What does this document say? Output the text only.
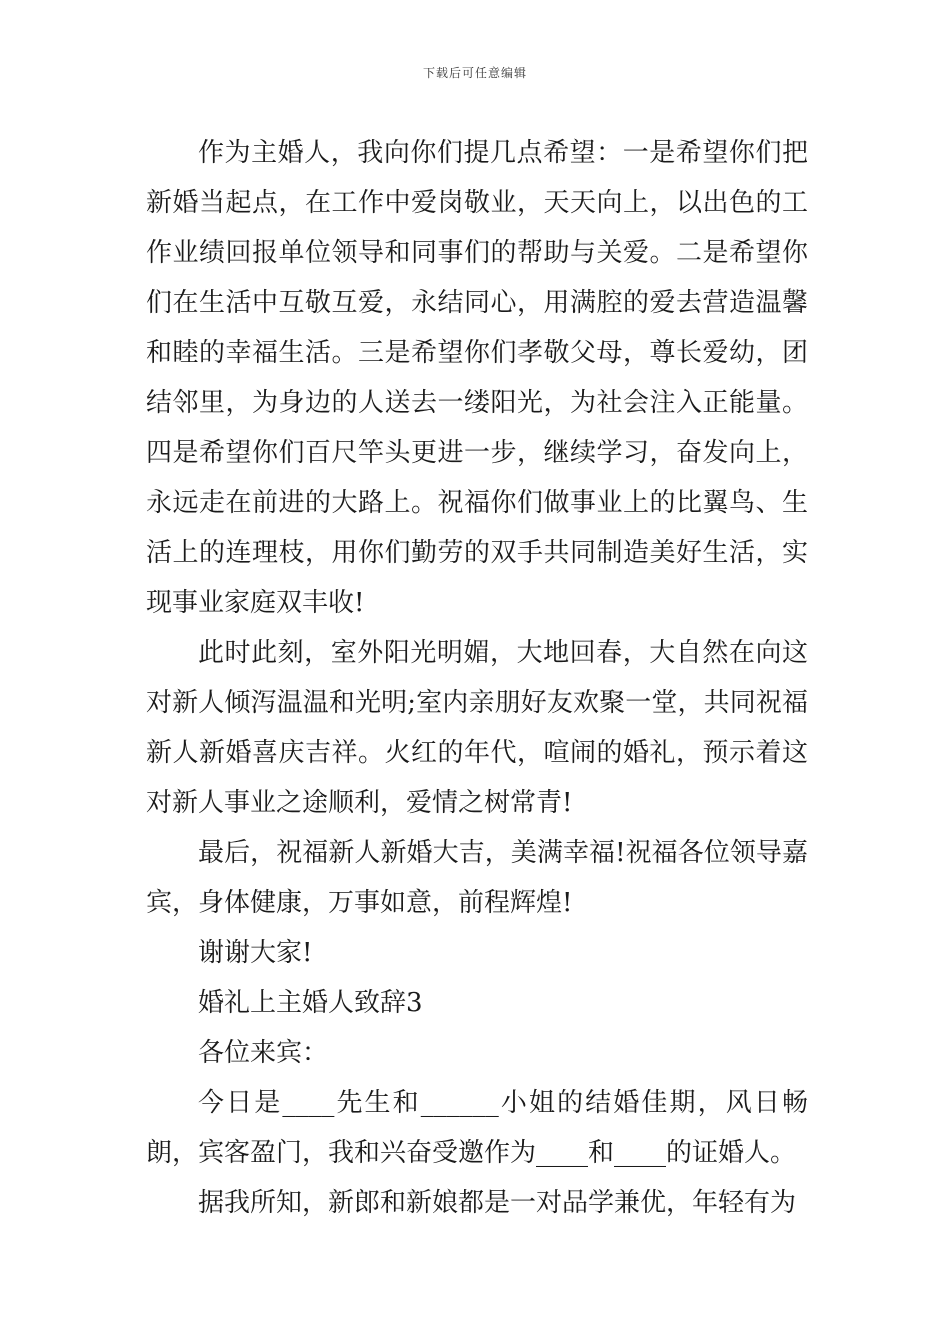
下载后可任意编辑

作为主婚人，我向你们提几点希望：一是希望你们把新婚当起点，在工作中爱岗敬业，天天向上，以出色的工作业绩回报单位领导和同事们的帮助与关爱。二是希望你们在生活中互敬互爱，永结同心，用满腔的爱去营造温馨和睦的幸福生活。三是希望你们孝敬父母，尊长爱幼，团结邻里，为身边的人送去一缕阳光，为社会注入正能量。四是希望你们百尺竿头更进一步，继续学习，奋发向上，永远走在前进的大路上。祝福你们做事业上的比翼鸟、生活上的连理枝，用你们勤劳的双手共同制造美好生活，实现事业家庭双丰收!

此时此刻，室外阳光明媚，大地回春，大自然在向这对新人倾泻温温和光明;室内亲朋好友欢聚一堂，共同祝福新人新婚喜庆吉祥。火红的年代，喧闹的婚礼，预示着这对新人事业之途顺利，爱情之树常青!

最后，祝福新人新婚大吉，美满幸福!祝福各位领导嘉宾，身体健康，万事如意，前程辉煌!

谢谢大家!

婚礼上主婚人致辞3

各位来宾：

今日是____先生和______小姐的结婚佳期，风日畅朗，宾客盈门，我和兴奋受邀作为____和____的证婚人。

据我所知，新郎和新娘都是一对品学兼优，年轻有为
